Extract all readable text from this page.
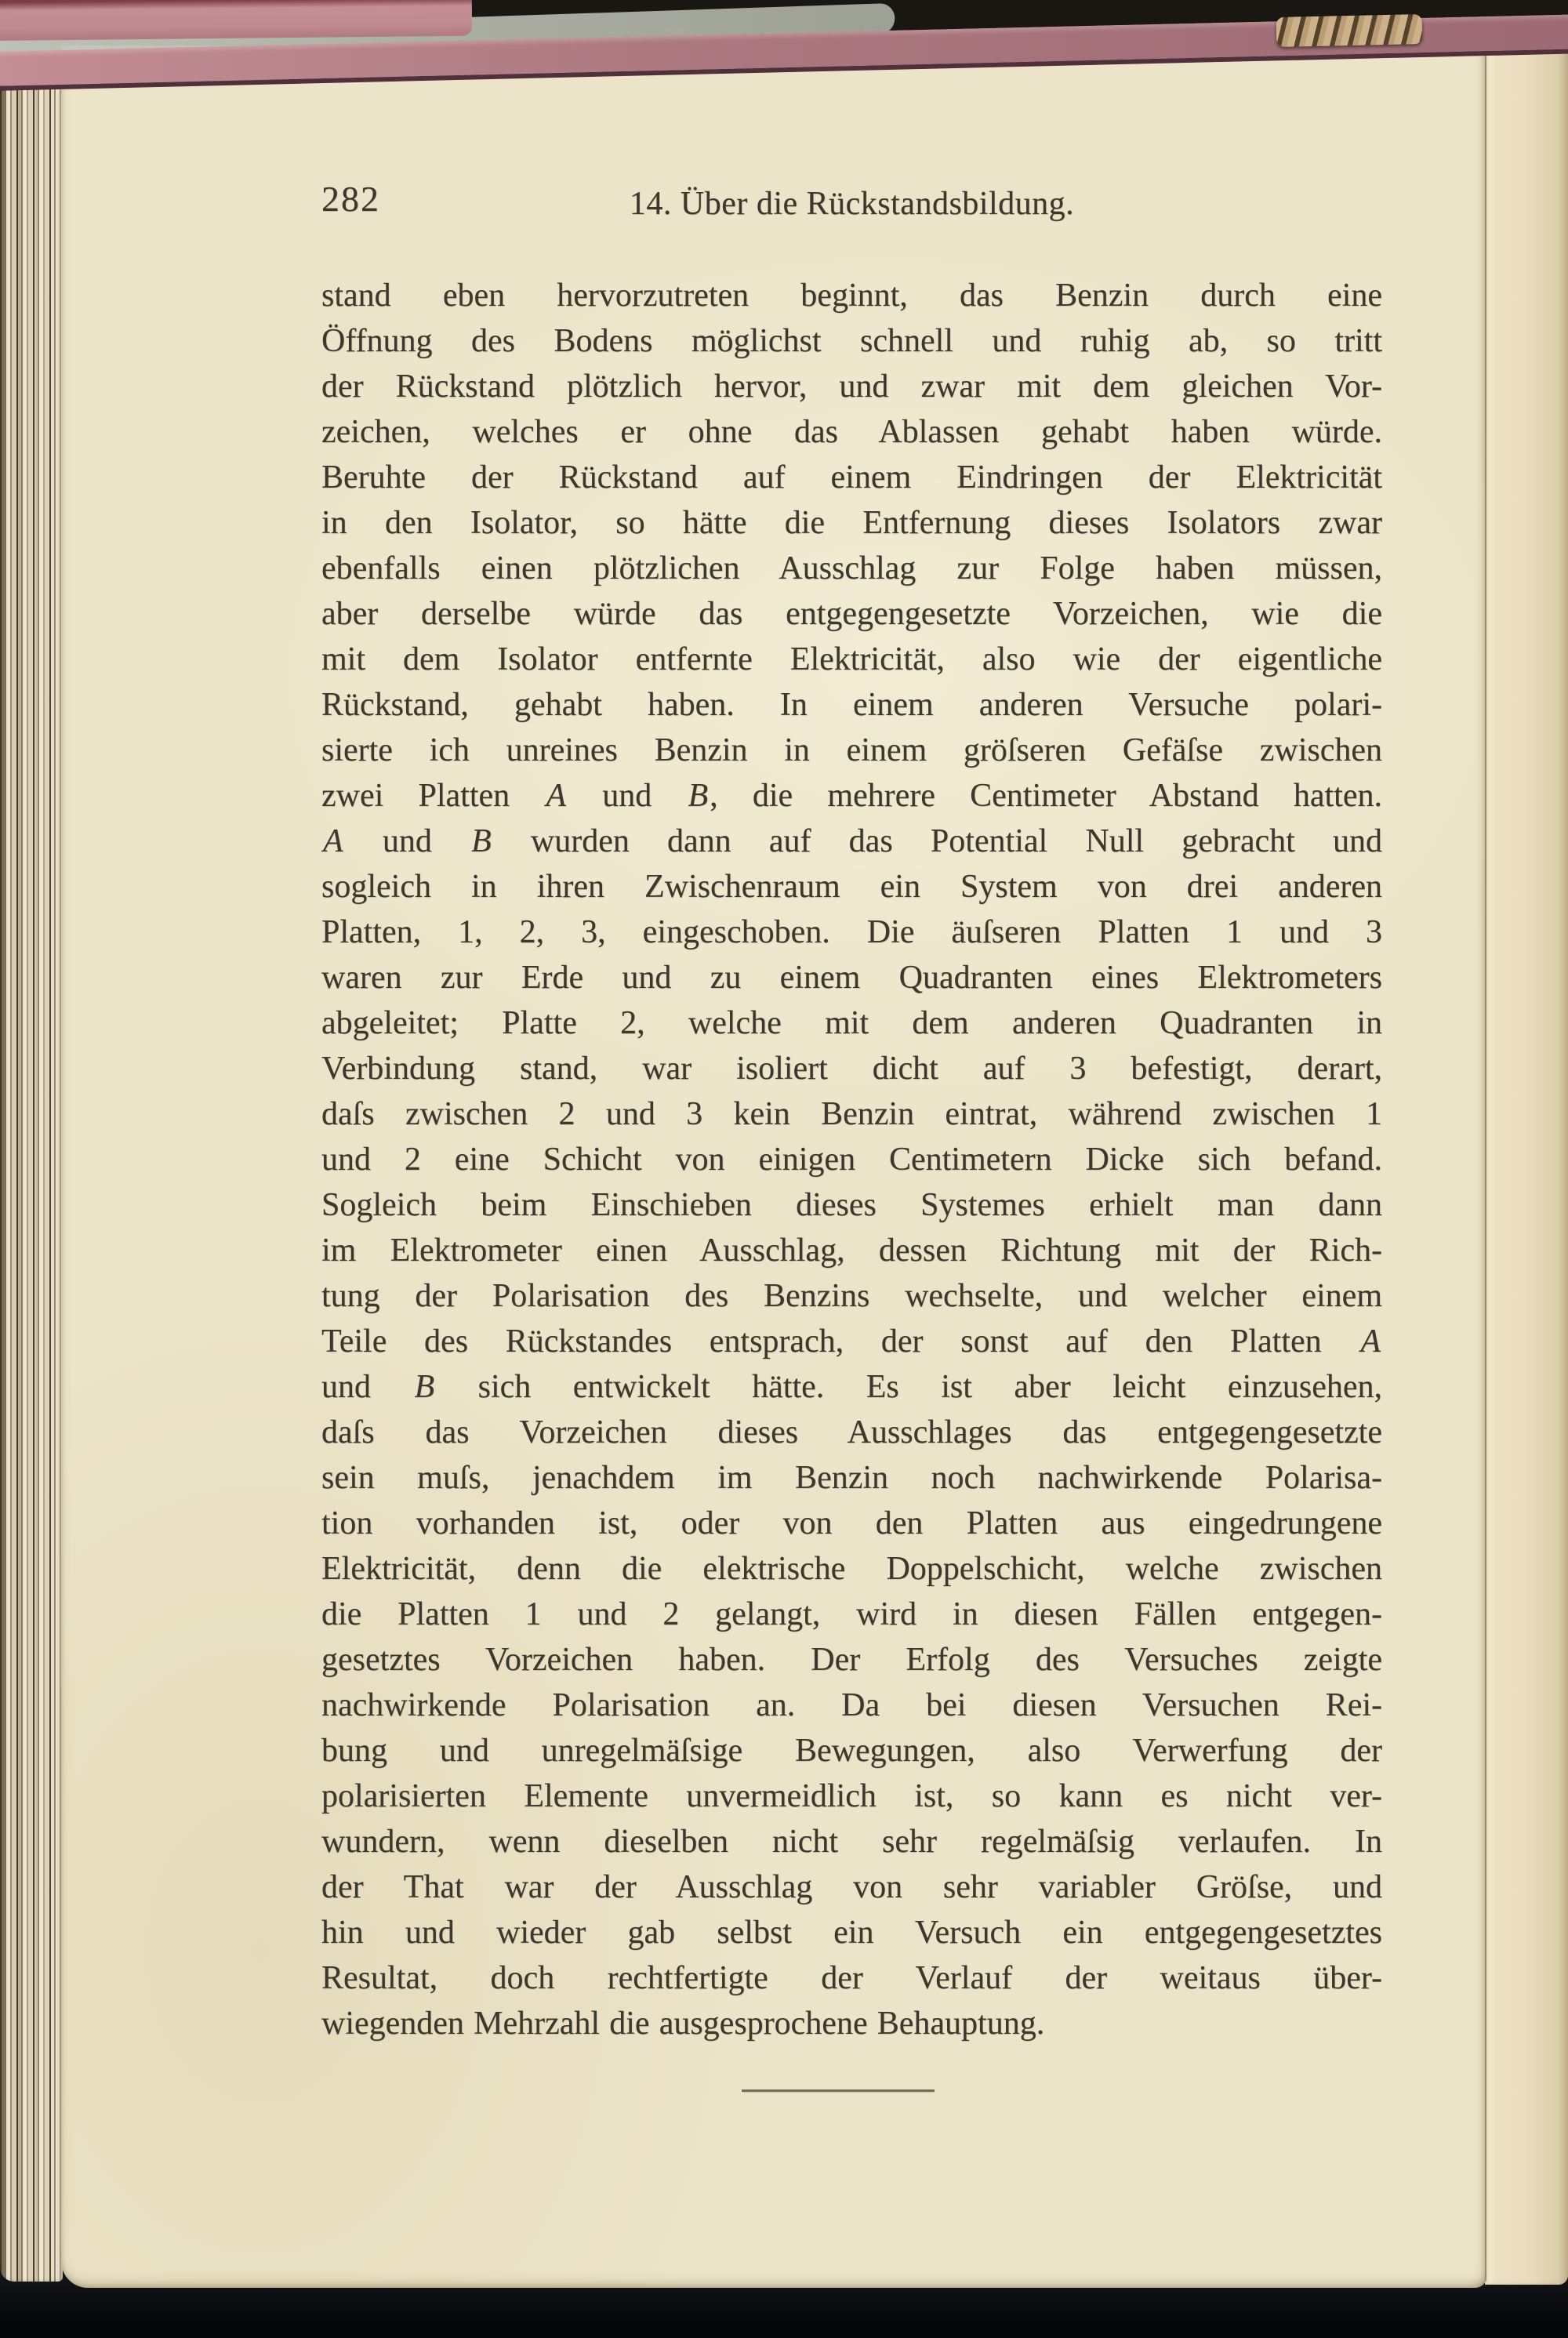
282	14. Über die Rückstandsbildung.
stand eben hervorzutreten beginnt, das Benzin durch eine
Öffnung des Bodens möglichst schnell und ruhig ab, so tritt
der Rückstand plötzlich hervor, und zwar mit dem gleichen Vor-
zeichen, welches er ohne das Ablassen gehabt haben würde.
Beruhte der Rückstand auf einem Eindringen der Elektricität
in den Isolator, so hätte die Entfernung dieses Isolators zwar
ebenfalls einen plötzlichen Ausschlag zur Folge haben müssen,
aber derselbe würde das entgegengesetzte Vorzeichen, wie die
mit dem Isolator entfernte Elektricität, also wie der eigentliche
Rückstand, gehabt haben. In einem anderen Versuche polari-
sierte ich unreines Benzin in einem gröſseren Gefäſse zwischen
zwei Platten A und B, die mehrere Centimeter Abstand hatten.
A und B wurden dann auf das Potential Null gebracht und
sogleich in ihren Zwischenraum ein System von drei anderen
Platten, 1, 2, 3, eingeschoben. Die äuſseren Platten 1 und 3
waren zur Erde und zu einem Quadranten eines Elektrometers
abgeleitet; Platte 2, welche mit dem anderen Quadranten in
Verbindung stand, war isoliert dicht auf 3 befestigt, derart,
daſs zwischen 2 und 3 kein Benzin eintrat, während zwischen 1
und 2 eine Schicht von einigen Centimetern Dicke sich befand.
Sogleich beim Einschieben dieses Systemes erhielt man dann
im Elektrometer einen Ausschlag, dessen Richtung mit der Rich-
tung der Polarisation des Benzins wechselte, und welcher einem
Teile des Rückstandes entsprach, der sonst auf den Platten A
und B sich entwickelt hätte. Es ist aber leicht einzusehen,
daſs das Vorzeichen dieses Ausschlages das entgegengesetzte
sein muſs, jenachdem im Benzin noch nachwirkende Polarisa-
tion vorhanden ist, oder von den Platten aus eingedrungene
Elektricität, denn die elektrische Doppelschicht, welche zwischen
die Platten 1 und 2 gelangt, wird in diesen Fällen entgegen-
gesetztes Vorzeichen haben. Der Erfolg des Versuches zeigte
nachwirkende Polarisation an. Da bei diesen Versuchen Rei-
bung und unregelmäſsige Bewegungen, also Verwerfung der
polarisierten Elemente unvermeidlich ist, so kann es nicht ver-
wundern, wenn dieselben nicht sehr regelmäſsig verlaufen. In
der That war der Ausschlag von sehr variabler Gröſse, und
hin und wieder gab selbst ein Versuch ein entgegengesetztes
Resultat, doch rechtfertigte der Verlauf der weitaus über-
wiegenden Mehrzahl die ausgesprochene Behauptung.
